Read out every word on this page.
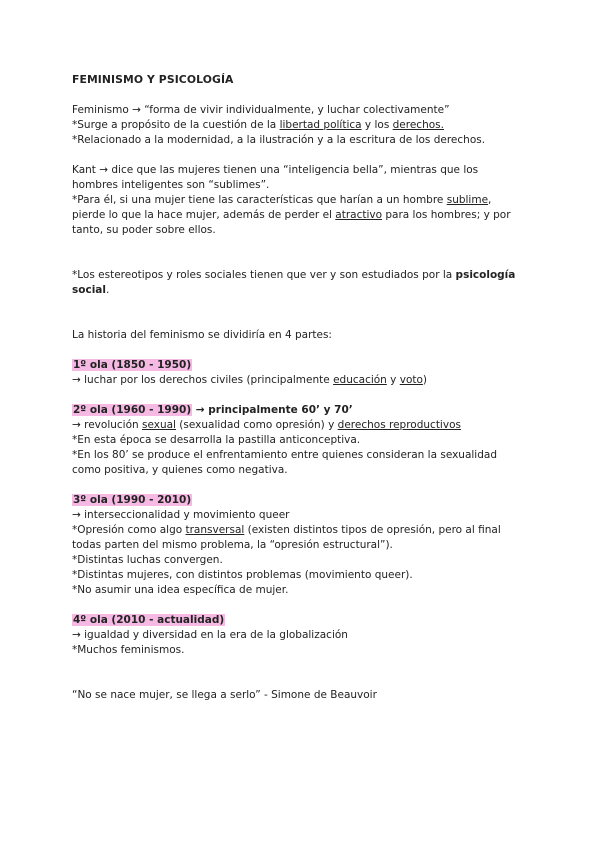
FEMINISMO Y PSICOLOGÍA
Feminismo → “forma de vivir individualmente, y luchar colectivamente”
*Surge a propósito de la cuestión de la libertad política y los derechos.
*Relacionado a la modernidad, a la ilustración y a la escritura de los derechos.
Kant → dice que las mujeres tienen una “inteligencia bella”, mientras que los
hombres inteligentes son “sublimes”.
*Para él, si una mujer tiene las características que harían a un hombre sublime,
pierde lo que la hace mujer, además de perder el atractivo para los hombres; y por
tanto, su poder sobre ellos.
*Los estereotipos y roles sociales tienen que ver y son estudiados por la psicología
social.
La historia del feminismo se dividiría en 4 partes:
1º ola (1850 - 1950)
→ luchar por los derechos civiles (principalmente educación y voto)
2º ola (1960 - 1990) → principalmente 60’ y 70’
→ revolución sexual (sexualidad como opresión) y derechos reproductivos
*En esta época se desarrolla la pastilla anticonceptiva.
*En los 80’ se produce el enfrentamiento entre quienes consideran la sexualidad
como positiva, y quienes como negativa.
3º ola (1990 - 2010)
→ interseccionalidad y movimiento queer
*Opresión como algo transversal (existen distintos tipos de opresión, pero al final
todas parten del mismo problema, la “opresión estructural”).
*Distintas luchas convergen.
*Distintas mujeres, con distintos problemas (movimiento queer).
*No asumir una idea específica de mujer.
4º ola (2010 - actualidad)
→ igualdad y diversidad en la era de la globalización
*Muchos feminismos.
“No se nace mujer, se llega a serlo” - Simone de Beauvoir
